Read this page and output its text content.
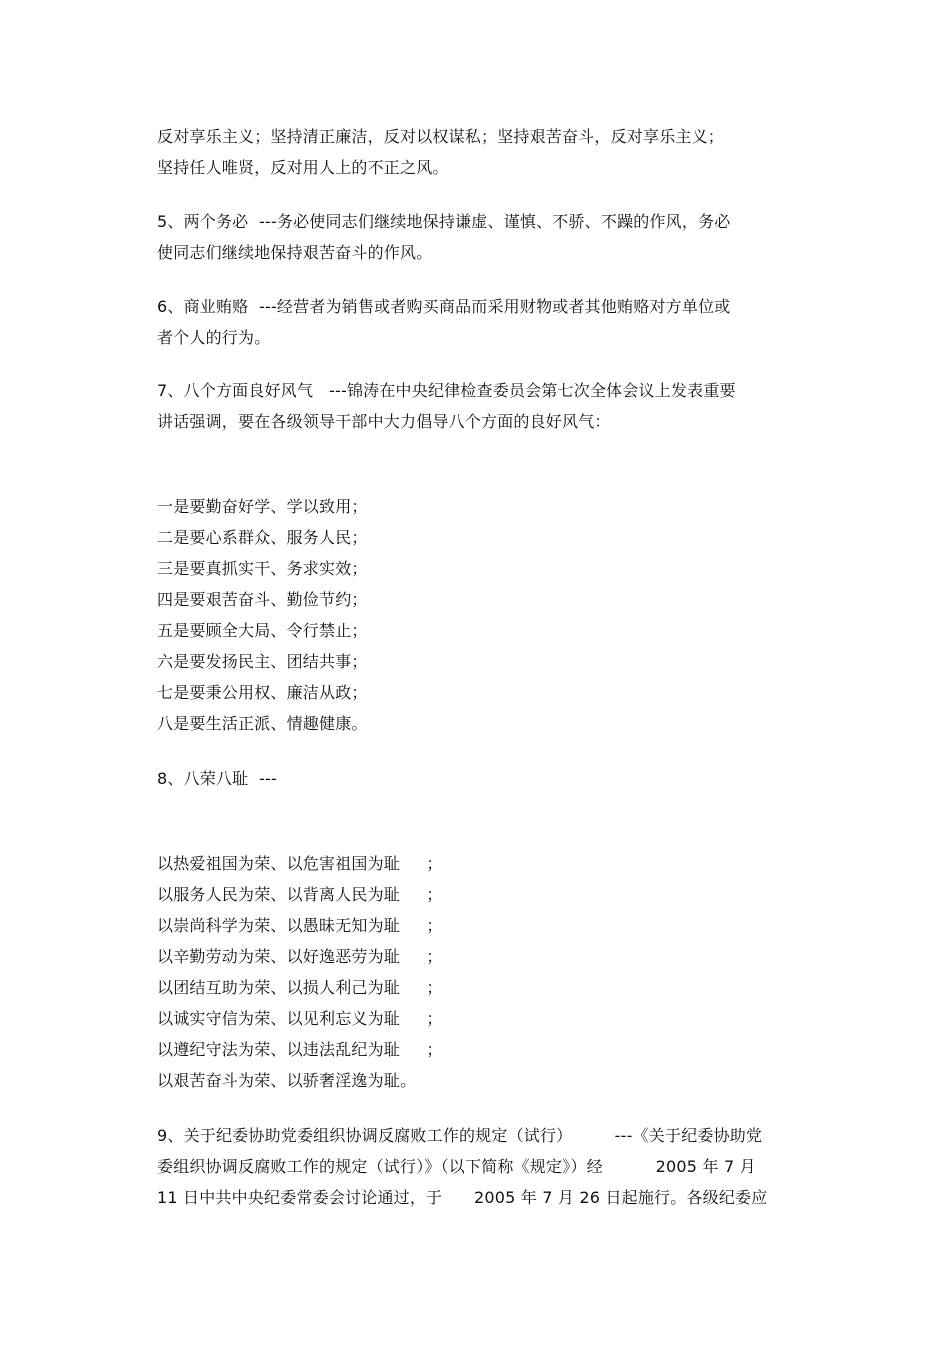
反对享乐主义；坚持清正廉洁，反对以权谋私；坚持艰苦奋斗，反对享乐主义；
坚持任人唯贤，反对用人上的不正之风。
5、两个务必  ---务必使同志们继续地保持谦虚、谨慎、不骄、不躁的作风，务必
使同志们继续地保持艰苦奋斗的作风。
6、商业贿赂  ---经营者为销售或者购买商品而采用财物或者其他贿赂对方单位或
者个人的行为。
7、八个方面良好风气   ---锦涛在中央纪律检查委员会第七次全体会议上发表重要
讲话强调，要在各级领导干部中大力倡导八个方面的良好风气：
一是要勤奋好学、学以致用；
二是要心系群众、服务人民；
三是要真抓实干、务求实效；
四是要艰苦奋斗、勤俭节约；
五是要顾全大局、令行禁止；
六是要发扬民主、团结共事；
七是要秉公用权、廉洁从政；
八是要生活正派、情趣健康。
8、八荣八耻  ---
以热爱祖国为荣、以危害祖国为耻     ；
以服务人民为荣、以背离人民为耻     ；
以崇尚科学为荣、以愚昧无知为耻     ；
以辛勤劳动为荣、以好逸恶劳为耻     ；
以团结互助为荣、以损人利己为耻     ；
以诚实守信为荣、以见利忘义为耻     ；
以遵纪守法为荣、以违法乱纪为耻     ；
以艰苦奋斗为荣、以骄奢淫逸为耻。
9、关于纪委协助党委组织协调反腐败工作的规定（试行）        ---《关于纪委协助党
委组织协调反腐败工作的规定（试行）》（以下简称《规定》）经          2005 年 7 月
11 日中共中央纪委常委会讨论通过，于      2005 年 7 月 26 日起施行。各级纪委应
